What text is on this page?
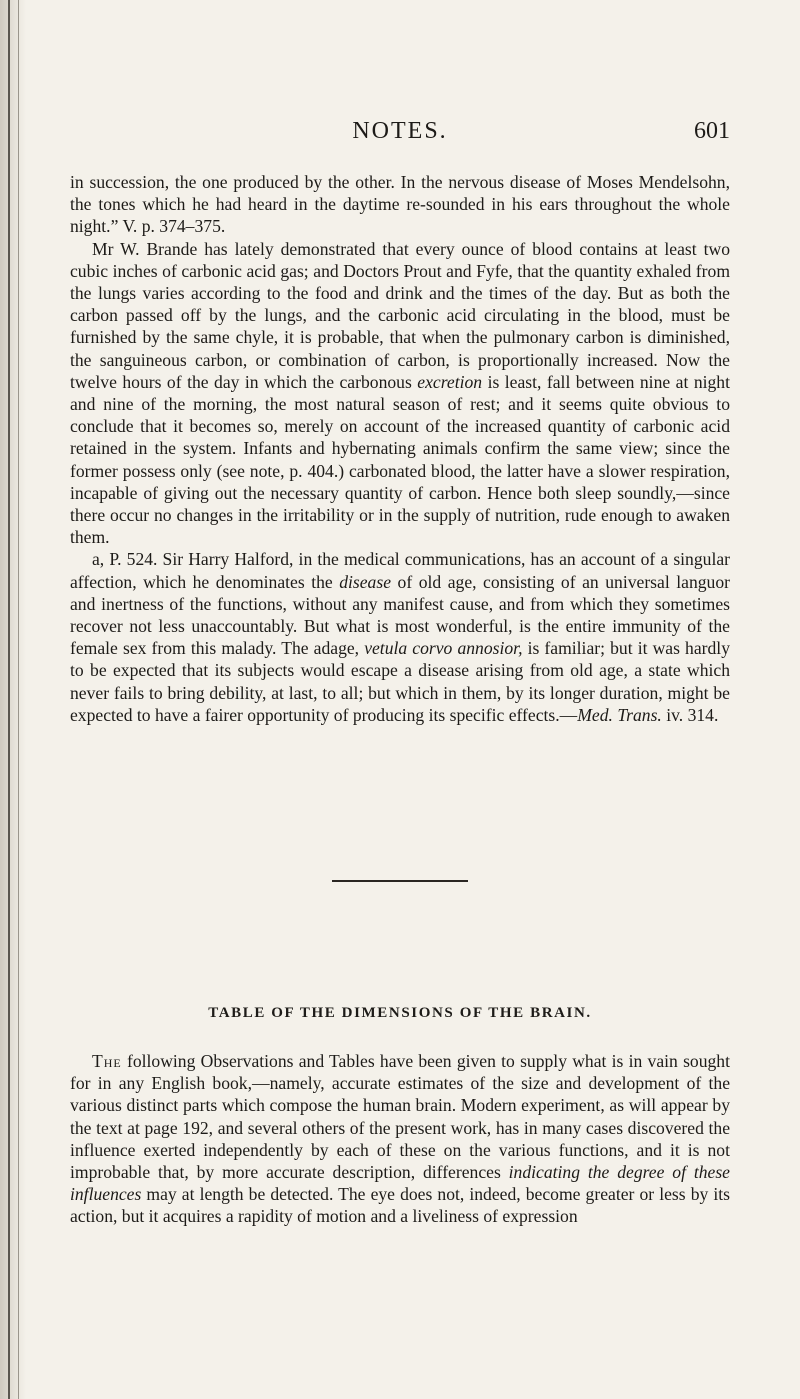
NOTES.	601

in succession, the one produced by the other. In the nervous disease of Moses Mendelsohn, the tones which he had heard in the daytime re-sounded in his ears throughout the whole night.” V. p. 374–375.

Mr W. Brande has lately demonstrated that every ounce of blood contains at least two cubic inches of carbonic acid gas; and Doctors Prout and Fyfe, that the quantity exhaled from the lungs varies according to the food and drink and the times of the day. But as both the carbon passed off by the lungs, and the carbonic acid circulating in the blood, must be furnished by the same chyle, it is probable, that when the pulmonary carbon is diminished, the sanguineous carbon, or combination of carbon, is proportionally increased. Now the twelve hours of the day in which the carbonous excretion is least, fall between nine at night and nine of the morning, the most natural season of rest; and it seems quite obvious to conclude that it becomes so, merely on account of the increased quantity of carbonic acid retained in the system. Infants and hybernating animals confirm the same view; since the former possess only (see note, p. 404.) carbonated blood, the latter have a slower respiration, incapable of giving out the necessary quantity of carbon. Hence both sleep soundly,—since there occur no changes in the irritability or in the supply of nutrition, rude enough to awaken them.

a, P. 524. Sir Harry Halford, in the medical communications, has an account of a singular affection, which he denominates the disease of old age, consisting of an universal languor and inertness of the functions, without any manifest cause, and from which they sometimes recover not less unaccountably. But what is most wonderful, is the entire immunity of the female sex from this malady. The adage, vetula corvo annosior, is familiar; but it was hardly to be expected that its subjects would escape a disease arising from old age, a state which never fails to bring debility, at last, to all; but which in them, by its longer duration, might be expected to have a fairer opportunity of producing its specific effects.—Med. Trans. iv. 314.

TABLE OF THE DIMENSIONS OF THE BRAIN.

The following Observations and Tables have been given to supply what is in vain sought for in any English book,—namely, accurate estimates of the size and development of the various distinct parts which compose the human brain. Modern experiment, as will appear by the text at page 192, and several others of the present work, has in many cases discovered the influence exerted independently by each of these on the various functions, and it is not improbable that, by more accurate description, differences indicating the degree of these influences may at length be detected. The eye does not, indeed, become greater or less by its action, but it acquires a rapidity of motion and a liveliness of expression
